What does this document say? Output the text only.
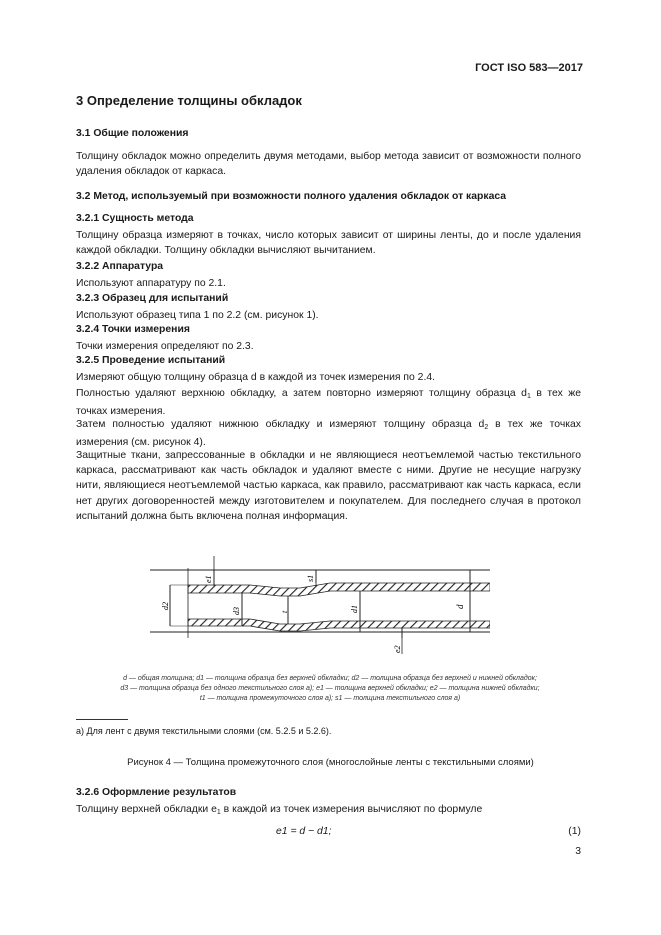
ГОСТ ISO 583—2017
3 Определение толщины обкладок
3.1 Общие положения
Толщину обкладок можно определить двумя методами, выбор метода зависит от возможности полного удаления обкладок от каркаса.
3.2 Метод, используемый при возможности полного удаления обкладок от каркаса
3.2.1 Сущность метода
Толщину образца измеряют в точках, число которых зависит от ширины ленты, до и после удаления каждой обкладки. Толщину обкладки вычисляют вычитанием.
3.2.2 Аппаратура
Используют аппаратуру по 2.1.
3.2.3 Образец для испытаний
Используют образец типа 1 по 2.2 (см. рисунок 1).
3.2.4 Точки измерения
Точки измерения определяют по 2.3.
3.2.5 Проведение испытаний
Измеряют общую толщину образца d в каждой из точек измерения по 2.4.
Полностью удаляют верхнюю обкладку, а затем повторно измеряют толщину образца $d_1$ в тех же точках измерения.
Затем полностью удаляют нижнюю обкладку и измеряют толщину образца $d_2$ в тех же точках измерения (см. рисунок 4).
Защитные ткани, запрессованные в обкладки и не являющиеся неотъемлемой частью текстильного каркаса, рассматривают как часть обкладок и удаляют вместе с ними. Другие не несущие нагрузку нити, являющиеся неотъемлемой частью каркаса, как правило, рассматривают как часть каркаса, если нет других договоренностей между изготовителем и покупателем. Для последнего случая в протокол испытаний должна быть включена полная информация.
e1	s1
d2
d3	t	d1	d
e2
d — общая толщина; d1 — толщина образца без верхней обкладки; d2 — толщина образца без верхней и нижней обкладок;
d3 — толщина образца без одного текстильного слоя a); e1 — толщина верхней обкладки; e2 — толщина нижней обкладки;
t1 — толщина промежуточного слоя a); s1 — толщина текстильного слоя a)
a) Для лент с двумя текстильными слоями (см. 5.2.5 и 5.2.6).
Рисунок 4 — Толщина промежуточного слоя (многослойные ленты с текстильными слоями)
3.2.6 Оформление результатов
Толщину верхней обкладки $e_1$ в каждой из точек измерения вычисляют по формуле
e1 = d − d1;	(1)
3
